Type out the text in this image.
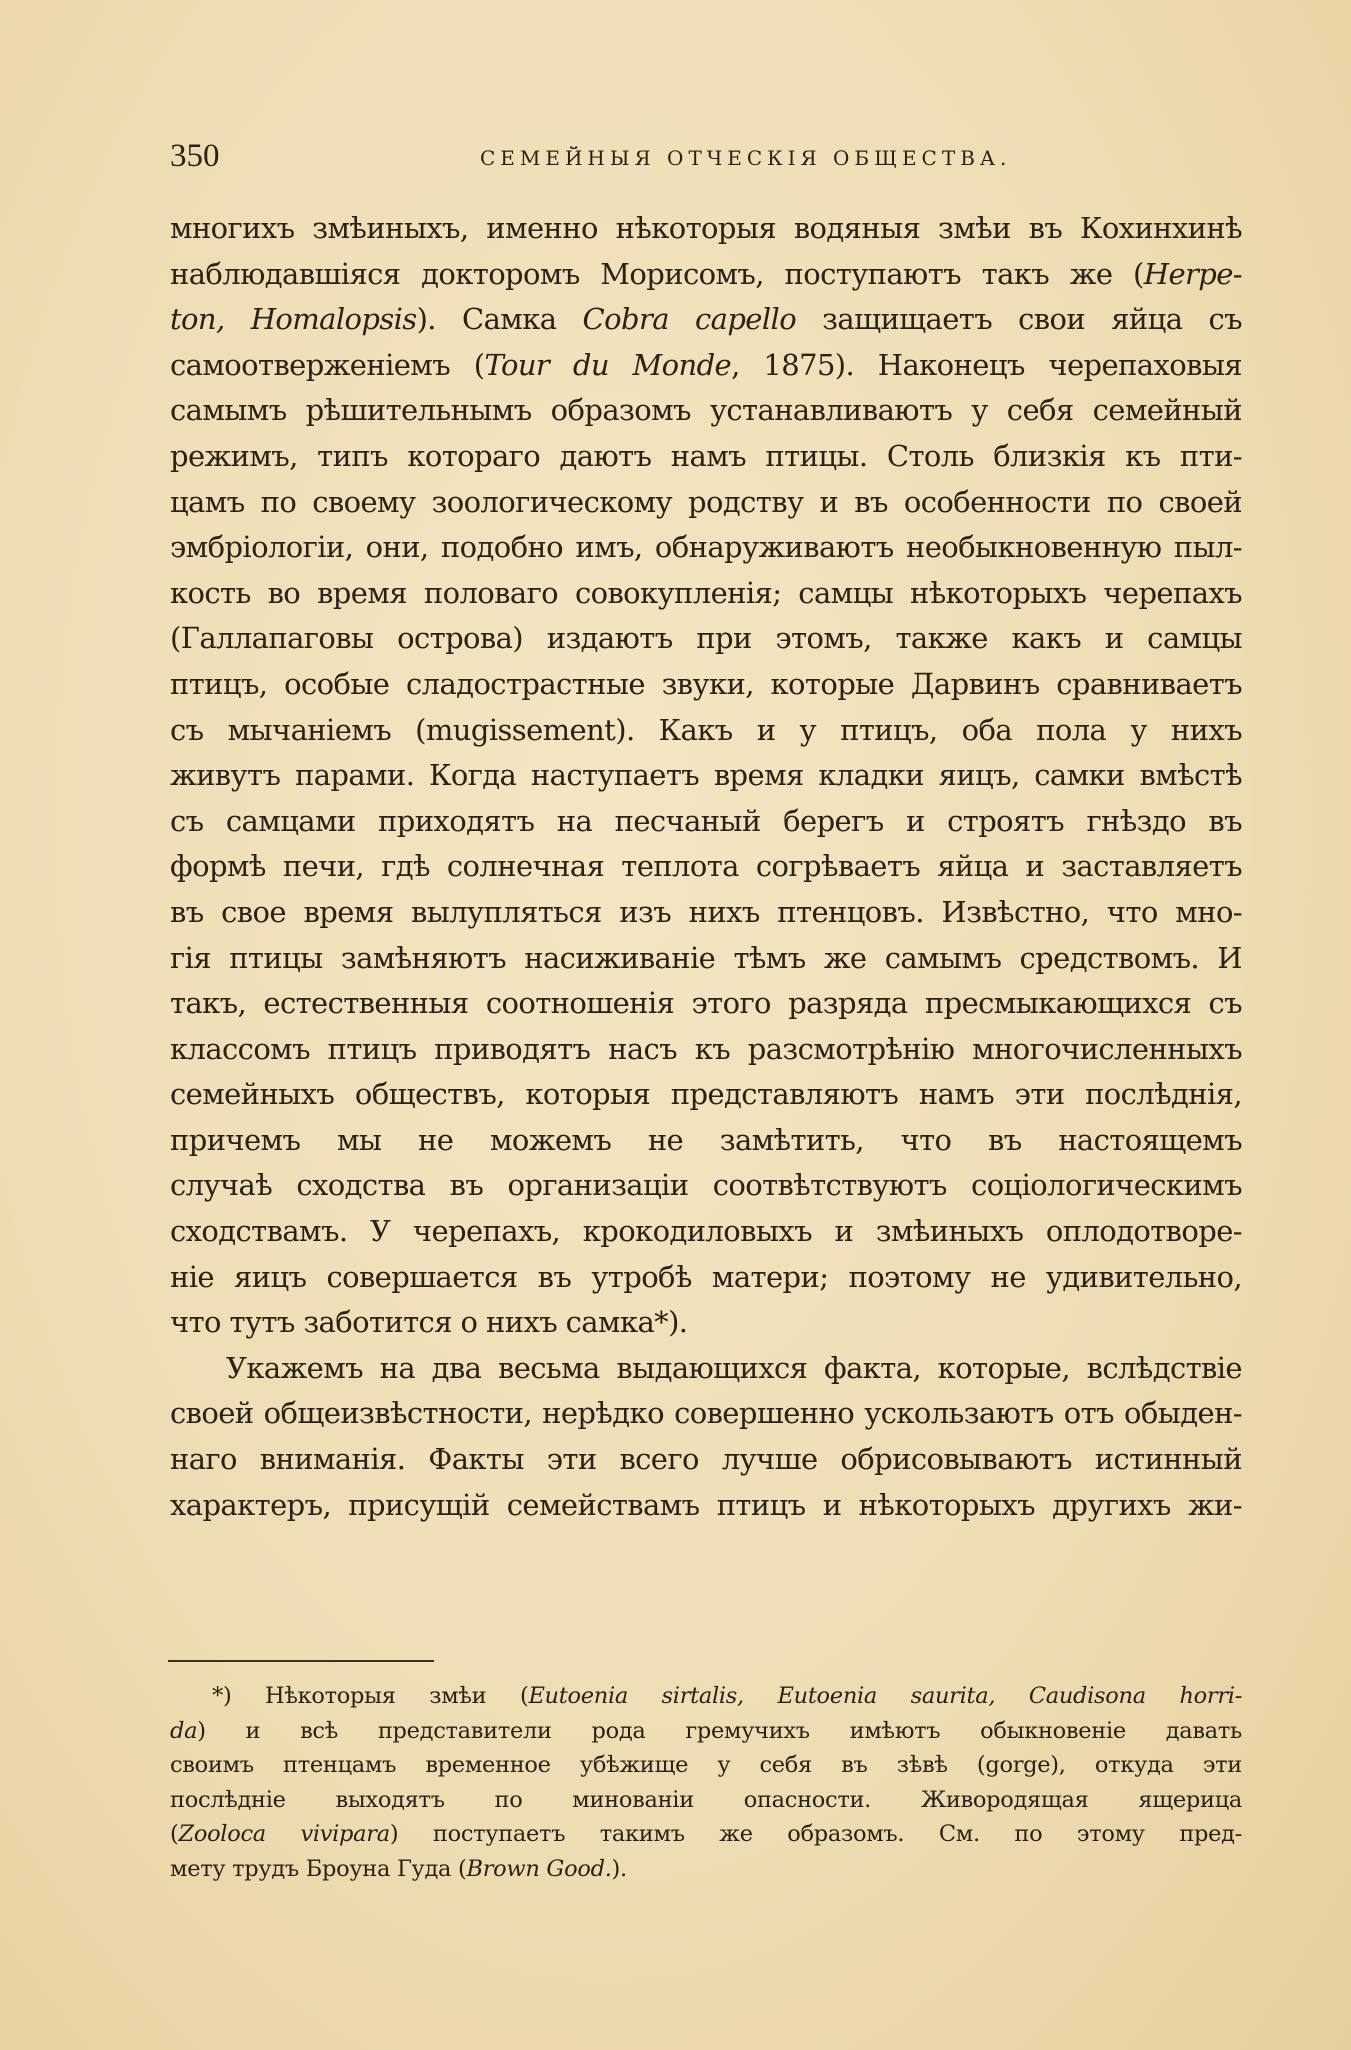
350	СЕМЕЙНЫЯ ОТЧЕСКІЯ ОБЩЕСТВА.
многихъ змѣиныхъ, именно нѣкоторыя водяныя змѣи въ Кохинхинѣ
наблюдавшіяся докторомъ Морисомъ, поступаютъ такъ же (Herpe-
ton, Homalopsis). Самка Cobra capello защищаетъ свои яйца съ
самоотверженіемъ (Tour du Monde, 1875). Наконецъ черепаховыя
самымъ рѣшительнымъ образомъ устанавливаютъ у себя семейный
режимъ, типъ котораго даютъ намъ птицы. Столь близкія къ пти-
цамъ по своему зоологическому родству и въ особенности по своей
эмбріологіи, они, подобно имъ, обнаруживаютъ необыкновенную пыл-
кость во время половаго совокупленія; самцы нѣкоторыхъ черепахъ
(Галлапаговы острова) издаютъ при этомъ, также какъ и самцы
птицъ, особые сладострастные звуки, которые Дарвинъ сравниваетъ
съ мычаніемъ (mugissement). Какъ и у птицъ, оба пола у нихъ
живутъ парами. Когда наступаетъ время кладки яицъ, самки вмѣстѣ
съ самцами приходятъ на песчаный берегъ и строятъ гнѣздо въ
формѣ печи, гдѣ солнечная теплота согрѣваетъ яйца и заставляетъ
въ свое время вылупляться изъ нихъ птенцовъ. Извѣстно, что мно-
гія птицы замѣняютъ насиживаніе тѣмъ же самымъ средствомъ. И
такъ, естественныя соотношенія этого разряда пресмыкающихся съ
классомъ птицъ приводятъ насъ къ разсмотрѣнію многочисленныхъ
семейныхъ обществъ, которыя представляютъ намъ эти послѣднія,
причемъ мы не можемъ не замѣтить, что въ настоящемъ
случаѣ сходства въ организаціи соотвѣтствуютъ соціологическимъ
сходствамъ. У черепахъ, крокодиловыхъ и змѣиныхъ оплодотворе-
ніе яицъ совершается въ утробѣ матери; поэтому не удивительно,
что тутъ заботится о нихъ самка*).
Укажемъ на два весьма выдающихся факта, которые, вслѣдствіе
своей общеизвѣстности, нерѣдко совершенно ускользаютъ отъ обыден-
наго вниманія. Факты эти всего лучше обрисовываютъ истинный
характеръ, присущій семействамъ птицъ и нѣкоторыхъ другихъ жи-
*) Нѣкоторыя змѣи (Eutoenia sirtalis, Eutoenia saurita, Caudisona horri-
da) и всѣ представители рода гремучихъ имѣютъ обыкновеніе давать
своимъ птенцамъ временное убѣжище у себя въ зѣвѣ (gorge), откуда эти
послѣдніе выходятъ по минованіи опасности. Живородящая ящерица
(Zooloca vivipara) поступаетъ такимъ же образомъ. См. по этому пред-
мету трудъ Броуна Гуда (Brown Good.).
